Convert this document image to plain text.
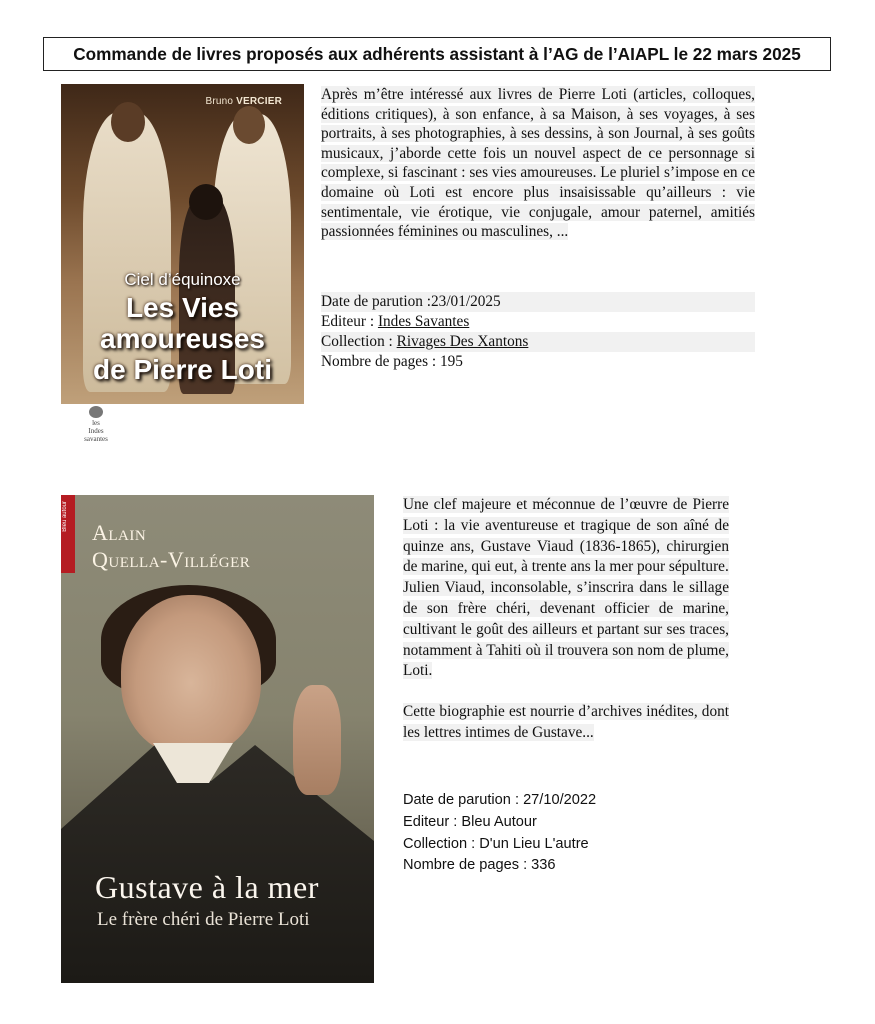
Commande de livres proposés aux adhérents assistant à l’AG de l’AIAPL le 22 mars 2025
Bruno VERCIER
Ciel d’équinoxe
Les Vies
amoureuses
de Pierre Loti
les
Indes
savantes
Après m’être intéressé aux livres de Pierre Loti (articles, colloques, éditions critiques), à son enfance, à sa Maison, à ses voyages, à ses portraits, à ses photographies, à ses dessins, à son Journal, à ses goûts musicaux, j’aborde cette fois un nouvel aspect de ce personnage si complexe, si fascinant : ses vies amoureuses. Le pluriel s’impose en ce domaine où Loti est encore plus insaisissable qu’ailleurs : vie sentimentale, vie érotique, vie conjugale, amour paternel, amitiés passionnées féminines ou masculines, ...
Date de parution :23/01/2025
Editeur : Indes Savantes
Collection : Rivages Des Xantons
Nombre de pages : 195
Bleu autour
Alain
Quella-Villéger
Gustave à la mer
Le frère chéri de Pierre Loti

Une clef majeure et méconnue de l’œuvre de Pierre Loti : la vie aventureuse et tragique de son aîné de quinze ans, Gustave Viaud (1836-1865), chirurgien de marine, qui eut, à trente ans la mer pour sépulture.

Julien Viaud, inconsolable, s’inscrira dans le sillage de son frère chéri, devenant officier de marine, cultivant le goût des ailleurs et partant sur ses traces, notamment à Tahiti où il trouvera son nom de plume, Loti.

Cette biographie est nourrie d’archives inédites, dont les lettres intimes de Gustave...

Date de parution : 27/10/2022
Editeur : Bleu Autour
Collection : D'un Lieu L'autre
Nombre de pages : 336
